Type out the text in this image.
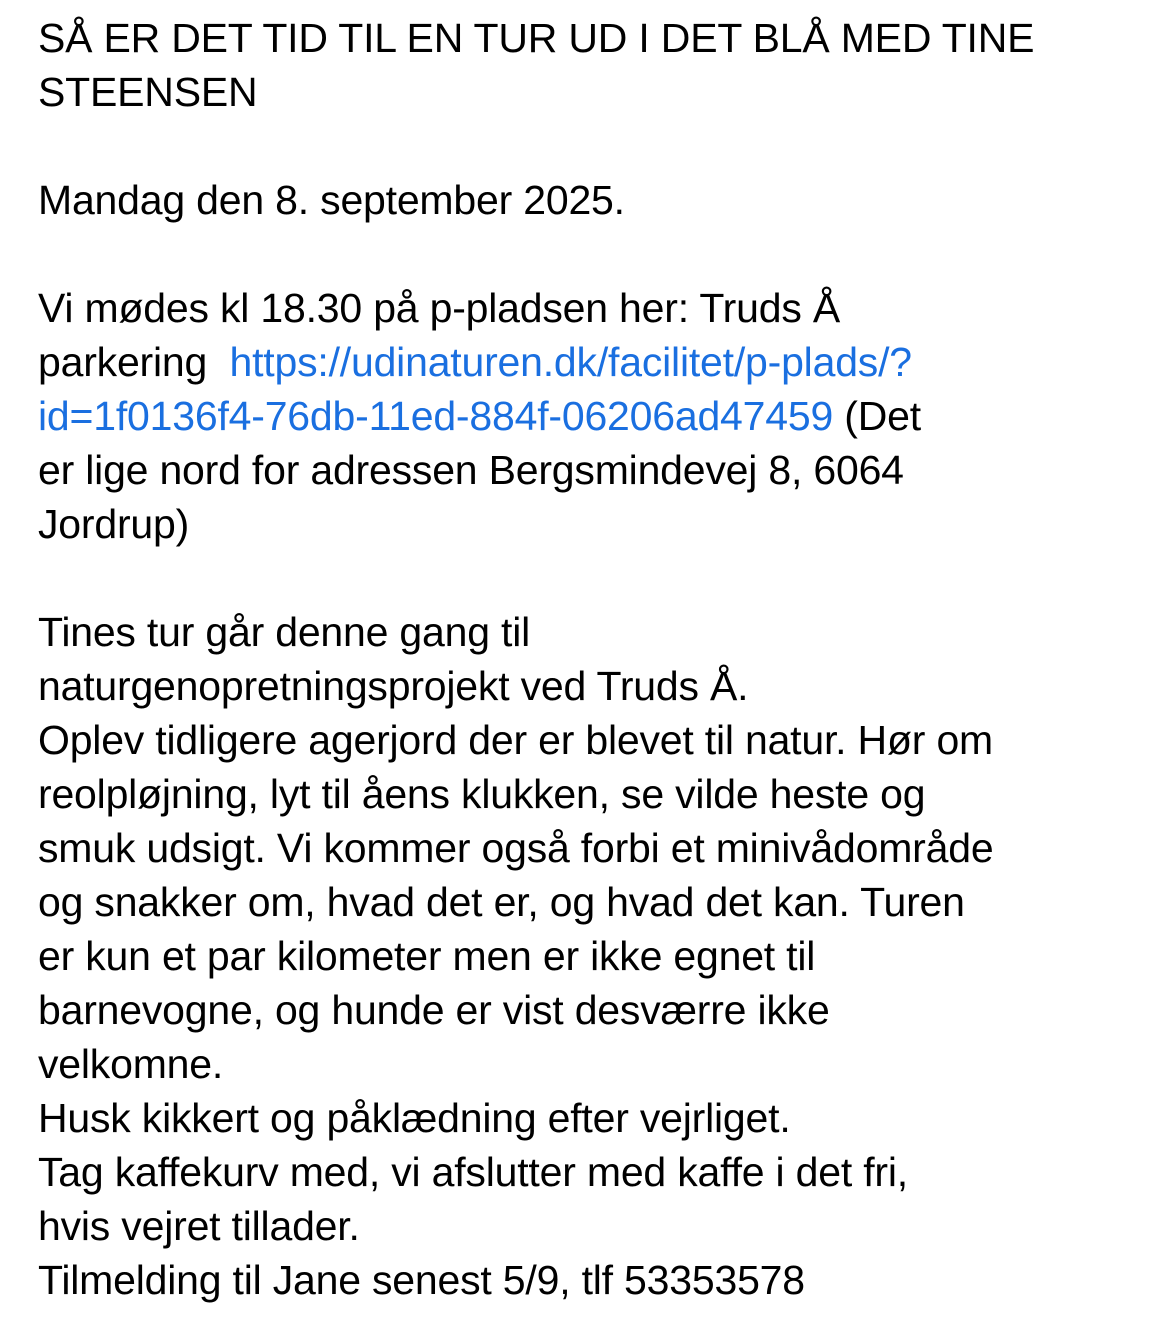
SÅ ER DET TID TIL EN TUR UD I DET BLÅ MED TINE
STEENSEN
Mandag den 8. september 2025.
Vi mødes kl 18.30 på p-pladsen her: Truds Å
parkering  https://udinaturen.dk/facilitet/p-plads/?
id=1f0136f4-76db-11ed-884f-06206ad47459 (Det
er lige nord for adressen Bergsmindevej 8, 6064
Jordrup)
Tines tur går denne gang til
naturgenopretningsprojekt ved Truds Å.
Oplev tidligere agerjord der er blevet til natur. Hør om
reolpløjning, lyt til åens klukken, se vilde heste og
smuk udsigt. Vi kommer også forbi et minivådområde
og snakker om, hvad det er, og hvad det kan. Turen
er kun et par kilometer men er ikke egnet til
barnevogne, og hunde er vist desværre ikke
velkomne.
Husk kikkert og påklædning efter vejrliget.
Tag kaffekurv med, vi afslutter med kaffe i det fri,
hvis vejret tillader.
Tilmelding til Jane senest 5/9, tlf 53353578
